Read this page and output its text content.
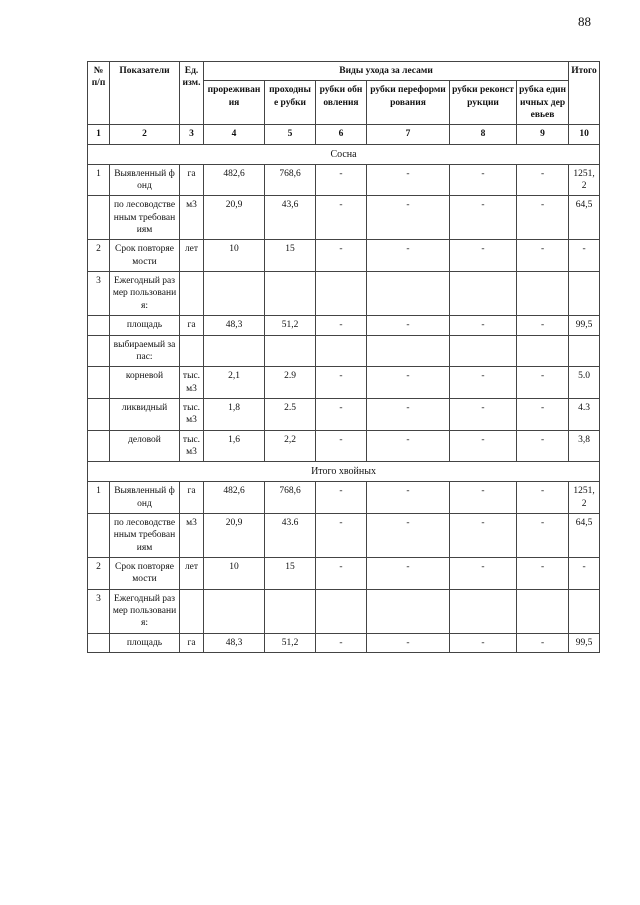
88
№ п/п	Показатели	Ед. изм.	Виды ухода за лесами						Итого
			прореживания	проходные рубки	рубки обновления	рубки переформирования	рубки реконструкции	рубка единичных деревьев	
1	2	3	4	5	6	7	8	9	10
Сосна									
1	Выявленный фонд	га	482,6	768,6	-	-	-	-	1251,2
	по лесоводственным требованиям	м3	20,9	43,6	-	-	-	-	64,5
2	Срок повторяемости	лет	10	15	-	-	-	-	-
3	Ежегодный размер пользования:								
	площадь	га	48,3	51,2	-	-	-	-	99,5
	выбираемый запас:								
	корневой	тыс. м3	2,1	2.9	-	-	-	-	5.0
	ликвидный	тыс. м3	1,8	2.5	-	-	-	-	4.3
	деловой	тыс. м3	1,6	2,2	-	-	-	-	3,8
Итого хвойных									
1	Выявленный фонд	га	482,6	768,6	-	-	-	-	1251,2
	по лесоводственным требованиям	м3	20,9	43.6	-	-	-	-	64,5
2	Срок повторяемости	лет	10	15	-	-	-	-	-
3	Ежегодный размер пользования:								
	площадь	га	48,3	51,2	-	-	-	-	99,5
